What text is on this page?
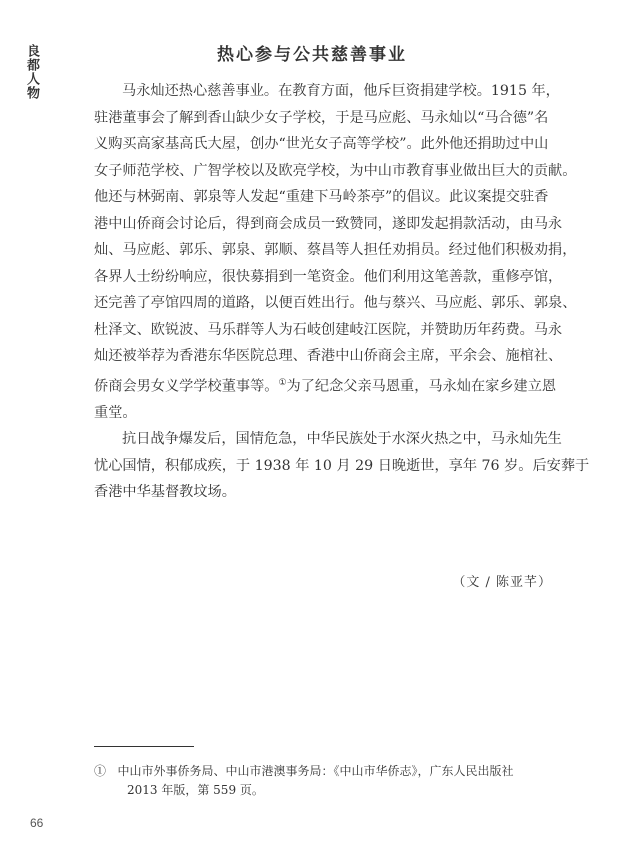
良都人物	热心参与公共慈善事业

马永灿还热心慈善事业。在教育方面，他斥巨资捐建学校。1915 年，
驻港董事会了解到香山缺少女子学校，于是马应彪、马永灿以“马合德”名
义购买高家基高氏大屋，创办“世光女子高等学校”。此外他还捐助过中山
女子师范学校、广智学校以及欧亮学校，为中山市教育事业做出巨大的贡献。
他还与林弼南、郭泉等人发起“重建下马岭茶亭”的倡议。此议案提交驻香
港中山侨商会讨论后，得到商会成员一致赞同，遂即发起捐款活动，由马永
灿、马应彪、郭乐、郭泉、郭顺、蔡昌等人担任劝捐员。经过他们积极劝捐，
各界人士纷纷响应，很快募捐到一笔资金。他们利用这笔善款，重修亭馆，
还完善了亭馆四周的道路，以便百姓出行。他与蔡兴、马应彪、郭乐、郭泉、
杜泽文、欧锐波、马乐群等人为石岐创建岐江医院，并赞助历年药费。马永
灿还被举荐为香港东华医院总理、香港中山侨商会主席，平余会、施棺社、
侨商会男女义学学校董事等。①为了纪念父亲马恩重，马永灿在家乡建立恩
重堂。

抗日战争爆发后，国情危急，中华民族处于水深火热之中，马永灿先生
忧心国情，积郁成疾，于 1938 年 10 月 29 日晚逝世，享年 76 岁。后安葬于
香港中华基督教坟场。

（文 / 陈亚芊）
① 中山市外事侨务局、中山市港澳事务局：《中山市华侨志》，广东人民出版社
2013 年版，第 559 页。
66
